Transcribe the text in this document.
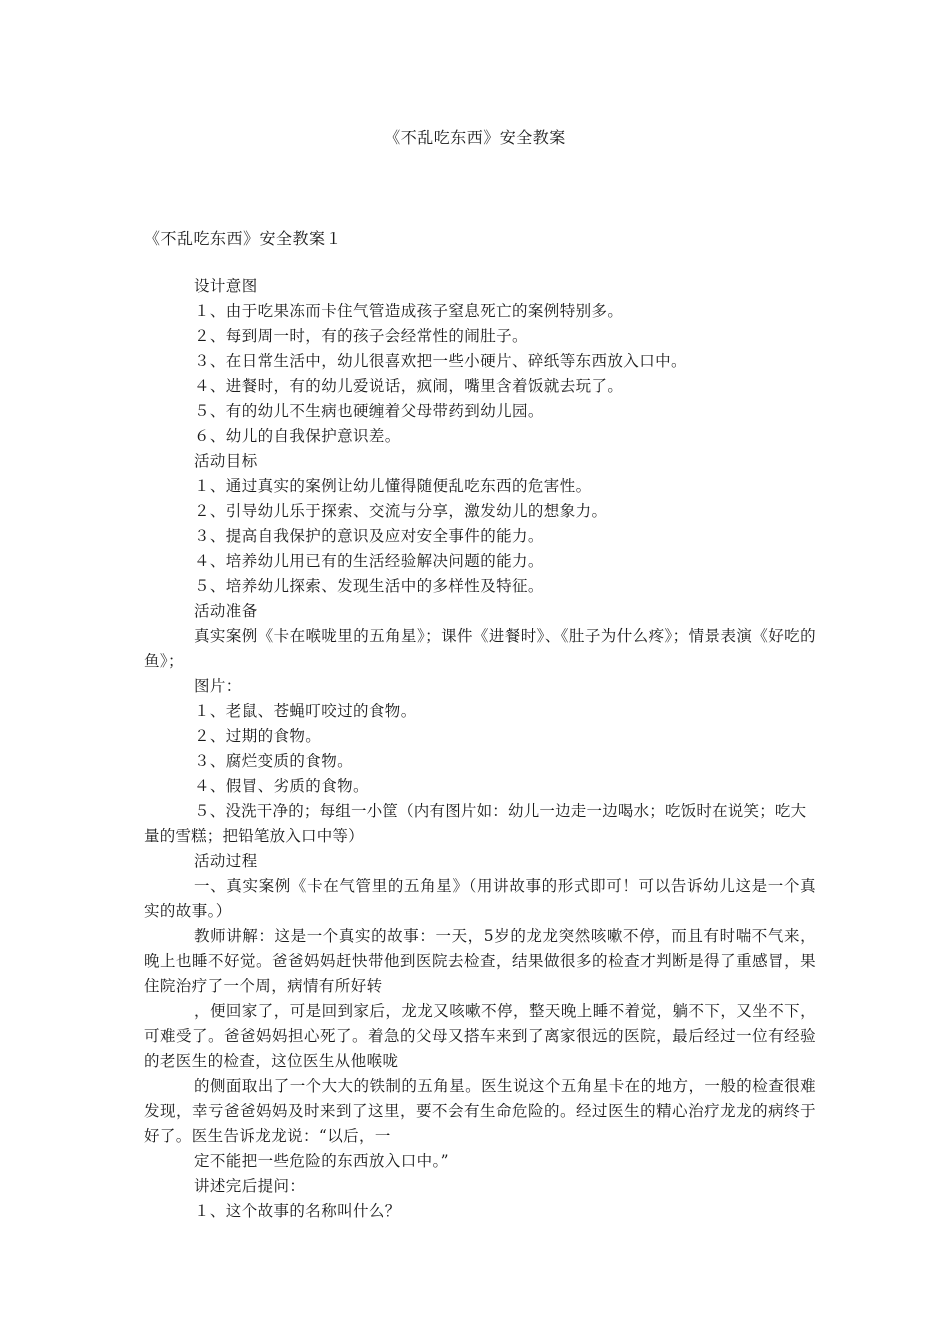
《不乱吃东西》安全教案
《不乱吃东西》安全教案１
设计意图
１、由于吃果冻而卡住气管造成孩子窒息死亡的案例特别多。
２、每到周一时，有的孩子会经常性的闹肚子。
３、在日常生活中，幼儿很喜欢把一些小硬片、碎纸等东西放入口中。
４、进餐时，有的幼儿爱说话，疯闹，嘴里含着饭就去玩了。
５、有的幼儿不生病也硬缠着父母带药到幼儿园。
６、幼儿的自我保护意识差。
活动目标
１、通过真实的案例让幼儿懂得随便乱吃东西的危害性。
２、引导幼儿乐于探索、交流与分享，激发幼儿的想象力。
３、提高自我保护的意识及应对安全事件的能力。
４、培养幼儿用已有的生活经验解决问题的能力。
５、培养幼儿探索、发现生活中的多样性及特征。
活动准备
真实案例《卡在喉咙里的五角星》；课件《进餐时》、《肚子为什么疼》；情景表演《好吃的鱼》；
图片：
１、老鼠、苍蝇叮咬过的食物。
２、过期的食物。
３、腐烂变质的食物。
４、假冒、劣质的食物。
５、没洗干净的；每组一小筐（内有图片如：幼儿一边走一边喝水；吃饭时在说笑；吃大量的雪糕；把铅笔放入口中等）
活动过程
一、真实案例《卡在气管里的五角星》（用讲故事的形式即可！可以告诉幼儿这是一个真实的故事。）
教师讲解：这是一个真实的故事：一天，5岁的龙龙突然咳嗽不停，而且有时喘不气来，晚上也睡不好觉。爸爸妈妈赶快带他到医院去检查，结果做很多的检查才判断是得了重感冒，果住院治疗了一个周，病情有所好转
，便回家了，可是回到家后，龙龙又咳嗽不停，整天晚上睡不着觉，躺不下，又坐不下，可难受了。爸爸妈妈担心死了。着急的父母又搭车来到了离家很远的医院，最后经过一位有经验的老医生的检查，这位医生从他喉咙
的侧面取出了一个大大的铁制的五角星。医生说这个五角星卡在的地方，一般的检查很难发现，幸亏爸爸妈妈及时来到了这里，要不会有生命危险的。经过医生的精心治疗龙龙的病终于好了。医生告诉龙龙说：“以后，一
定不能把一些危险的东西放入口中。”
讲述完后提问：
１、这个故事的名称叫什么？
